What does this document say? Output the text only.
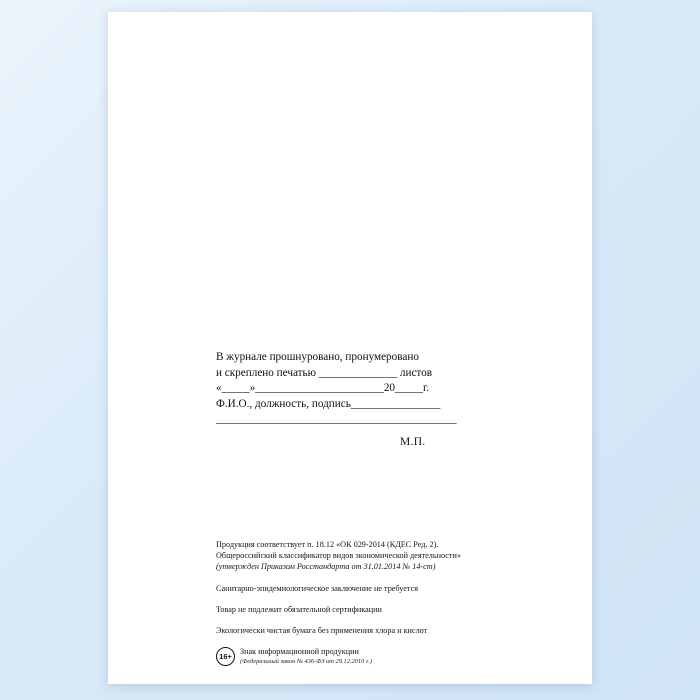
В журнале прошнуровано, пронумеровано
и скреплено печатью ______________ листов
«_____»_______________________20_____г.
Ф.И.О., должность, подпись________________
___________________________________________
М.П.
Продукция соответствует п. 18.12 «ОК 029-2014 (КДЕС Ред. 2).
Общероссийский классификатор видов экономической деятельности»
(утвержден Приказом Росстандарта от 31.01.2014 № 14-ст)
Санитарно-эпидемиологическое заключение не требуется
Товар не подлежит обязательной сертификации
Экологически чистая бумага без применения хлора и кислот
16+
Знак информационной продукции
(Федеральный закон № 436-ФЗ от 29.12.2010 г.)
